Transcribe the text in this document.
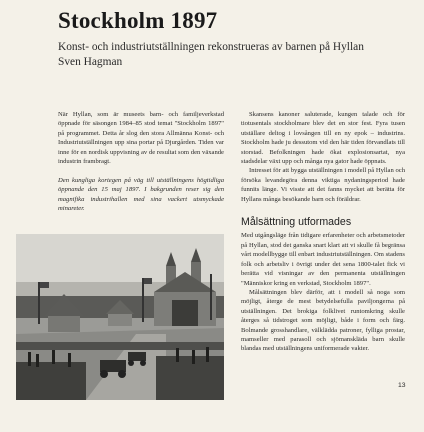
Stockholm 1897
Konst- och industriutställningen rekonstrueras av barnen på Hyllan
Sven Hagman

När Hyllan, som är museets barn- och familjeverkstad öppnade för säsongen 1984–85 stod temat "Stockholm 1897" på programmet. Detta år slog den stora Allmänna Konst- och Industriutställningen upp sina portar på Djurgården. Tiden var inne för en nordisk uppvisning av de resultat som den växande industrin frambragt.

Den kungliga kortegen på väg till utställningens högtidliga öppnande den 15 maj 1897. I bakgrunden reser sig den magnifika industrihallen med sina vackert utsmyckade minareter.

Skansens kanoner saluterade, kungen talade och för tiotusentals stockholmare blev det en stor fest. Fyra tusen utställare deltog i lovsången till en ny epok – industrins. Stockholm hade ju dessutom vid den här tiden förvandlats till storstad. Befolkningen hade ökat explosionsartat, nya stadsdelar växt upp och många nya gator hade öppnats.

Intresset för att bygga utställningen i modell på Hyllan och försöka levandegöra denna viktiga nydaningsperiod hade funnits länge. Vi visste att det fanns mycket att berätta för Hyllans många besökande barn och föräldrar.

Målsättning utformades

Med utgångsläge från tidigare erfarenheter och arbetsmetoder på Hyllan, stod det ganska snart klart att vi skulle få begränsa vårt modellbygge till enbart industriutställningen. Om stadens folk och arbetsliv i övrigt under det sena 1800-talet fick vi berätta vid visningar av den permanenta utställningen "Människor kring en verkstad, Stockholm 1897".

Målsättningen blev därför, att i modell så noga som möjligt, återge de mest betydelsefulla paviljongerna på utställningen. Det brokiga folklivet runtomkring skulle återges så tidstroget som möjligt, både i form och färg. Bolmande grosshandlare, välklädda patroner, fylliga prostar, mamseller med parasoll och sjömanskläda barn skulle blandas med utställningens uniformerade vakter.

13
